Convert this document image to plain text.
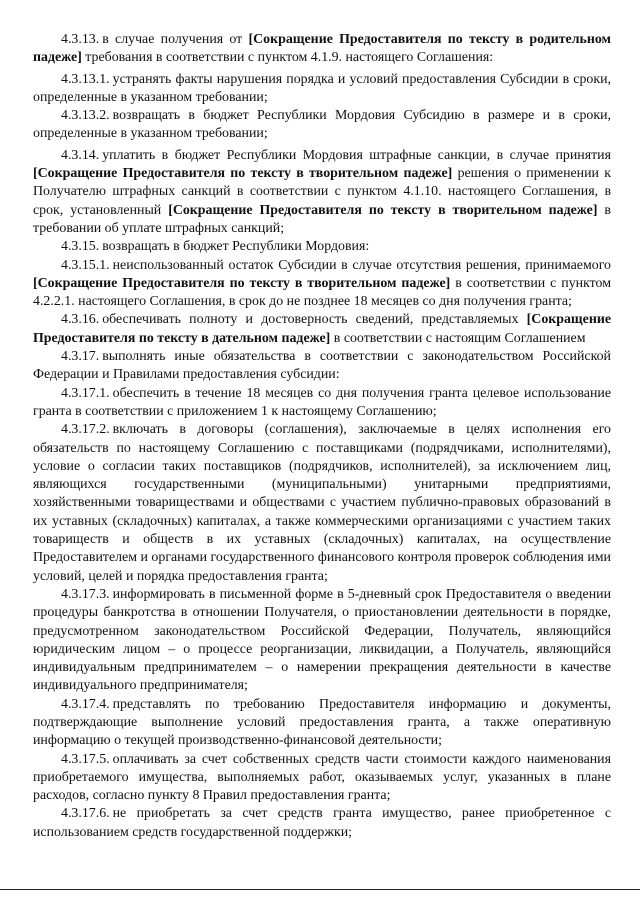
4.3.13. в случае получения от [Сокращение Предоставителя по тексту в родительном падеже] требования в соответствии с пунктом 4.1.9. настоящего Соглашения:

4.3.13.1. устранять факты нарушения порядка и условий предоставления Субсидии в сроки, определенные в указанном требовании;

4.3.13.2. возвращать в бюджет Республики Мордовия Субсидию в размере и в сроки, определенные в указанном требовании;

4.3.14. уплатить в бюджет Республики Мордовия штрафные санкции, в случае принятия [Сокращение Предоставителя по тексту в творительном падеже] решения о применении к Получателю штрафных санкций в соответствии с пунктом 4.1.10. настоящего Соглашения, в срок, установленный [Сокращение Предоставителя по тексту в творительном падеже] в требовании об уплате штрафных санкций;

4.3.15. возвращать в бюджет Республики Мордовия:

4.3.15.1. неиспользованный остаток Субсидии в случае отсутствия решения, принимаемого [Сокращение Предоставителя по тексту в творительном падеже] в соответствии с пунктом 4.2.2.1. настоящего Соглашения, в срок до не позднее 18 месяцев со дня получения гранта;

4.3.16. обеспечивать полноту и достоверность сведений, представляемых [Сокращение Предоставителя по тексту в дательном падеже] в соответствии с настоящим Соглашением

4.3.17. выполнять иные обязательства в соответствии с законодательством Российской Федерации и Правилами предоставления субсидии:

4.3.17.1. обеспечить в течение 18 месяцев со дня получения гранта целевое использование гранта в соответствии с приложением 1 к настоящему Соглашению;

4.3.17.2. включать в договоры (соглашения), заключаемые в целях исполнения его обязательств по настоящему Соглашению с поставщиками (подрядчиками, исполнителями), условие о согласии таких поставщиков (подрядчиков, исполнителей), за исключением лиц, являющихся государственными (муниципальными) унитарными предприятиями, хозяйственными товариществами и обществами с участием публично-правовых образований в их уставных (складочных) капиталах, а также коммерческими организациями с участием таких товариществ и обществ в их уставных (складочных) капиталах, на осуществление Предоставителем и органами государственного финансового контроля проверок соблюдения ими условий, целей и порядка предоставления гранта;

4.3.17.3. информировать в письменной форме в 5-дневный срок Предоставителя о введении процедуры банкротства в отношении Получателя, о приостановлении деятельности в порядке, предусмотренном законодательством Российской Федерации, Получатель, являющийся юридическим лицом – о процессе реорганизации, ликвидации, а Получатель, являющийся индивидуальным предпринимателем – о намерении прекращения деятельности в качестве индивидуального предпринимателя;

4.3.17.4. представлять по требованию Предоставителя информацию и документы, подтверждающие выполнение условий предоставления гранта, а также оперативную информацию о текущей производственно-финансовой деятельности;

4.3.17.5. оплачивать за счет собственных средств части стоимости каждого наименования приобретаемого имущества, выполняемых работ, оказываемых услуг, указанных в плане расходов, согласно пункту 8 Правил предоставления гранта;

4.3.17.6. не приобретать за счет средств гранта имущество, ранее приобретенное с использованием средств государственной поддержки;
